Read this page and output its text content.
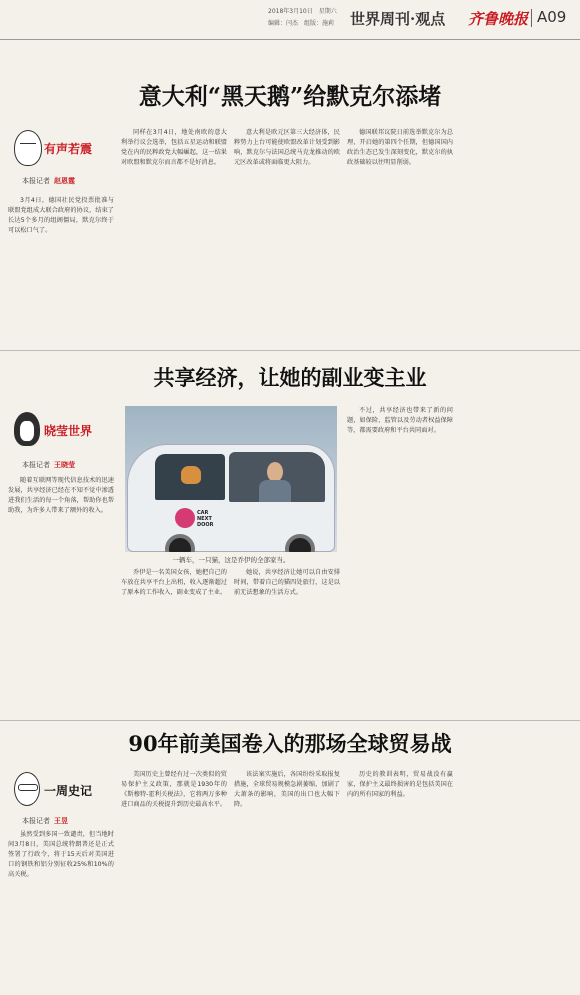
2018年3月10日　星期六
编辑：闫杰　组版：施莉 世界周刊·观点 齐鲁晚报 A09
意大利“黑天鹅”给默克尔添堵
有声若震
本报记者 赵恩霆

3月4日，德国社民党投票批准与联盟党组成大联合政府的协议，结束了长达5个多月的组阁僵局，默克尔终于可以松口气了。

同样在3月4日，地处南欧的意大利举行议会选举，包括五星运动和联盟党在内的民粹政党大幅崛起，这一结果对欧盟和默克尔而言都不是好消息。

意大利是欧元区第三大经济体，民粹势力上台可能使欧盟改革计划受到影响，默克尔与法国总统马克龙推动的欧元区改革或将面临更大阻力。

德国联邦议院日前选举默克尔为总理，开启她的第四个任期，但德国国内政治生态已发生深刻变化，默克尔的执政基础较以往明显削弱。

共享经济，让她的副业变主业
晓莹世界
本报记者 王晓莹

随着互联网等现代信息技术的迅速发展，共享经济已经在不知不觉中渗透进我们生活的每一个角落，帮助你也帮助我，为许多人带来了额外的收入。	CAR
NEXT
DOOR
一辆车，一只猫，这是乔伊的全部家当。

乔伊是一名美国女孩，她把自己的车放在共享平台上出租，收入逐渐超过了原本的工作收入，副业变成了主业。

她说，共享经济让她可以自由安排时间，带着自己的猫四处旅行，这是以前无法想象的生活方式。

不过，共享经济也带来了新的问题，如保险、监管以及劳动者权益保障等，都需要政府和平台共同面对。

90年前美国卷入的那场全球贸易战
一周史记
本报记者 王昱

虽然受到多国一致谴责，但当地时间3月8日，美国总统特朗普还是正式签署了行政令，将于15天后对美国进口的钢铁和铝分别征收25%和10%的高关税。

美国历史上曾经有过一次类似的贸易保护主义政策，那就是1930年的《斯穆特-霍利关税法》，它将两万多种进口商品的关税提升到历史最高水平。

该法案实施后，各国纷纷采取报复措施，全球贸易规模急剧萎缩，加剧了大萧条的影响，美国的出口也大幅下降。

历史的教训表明，贸易战没有赢家，保护主义最终损害的是包括美国在内的所有国家的利益。
